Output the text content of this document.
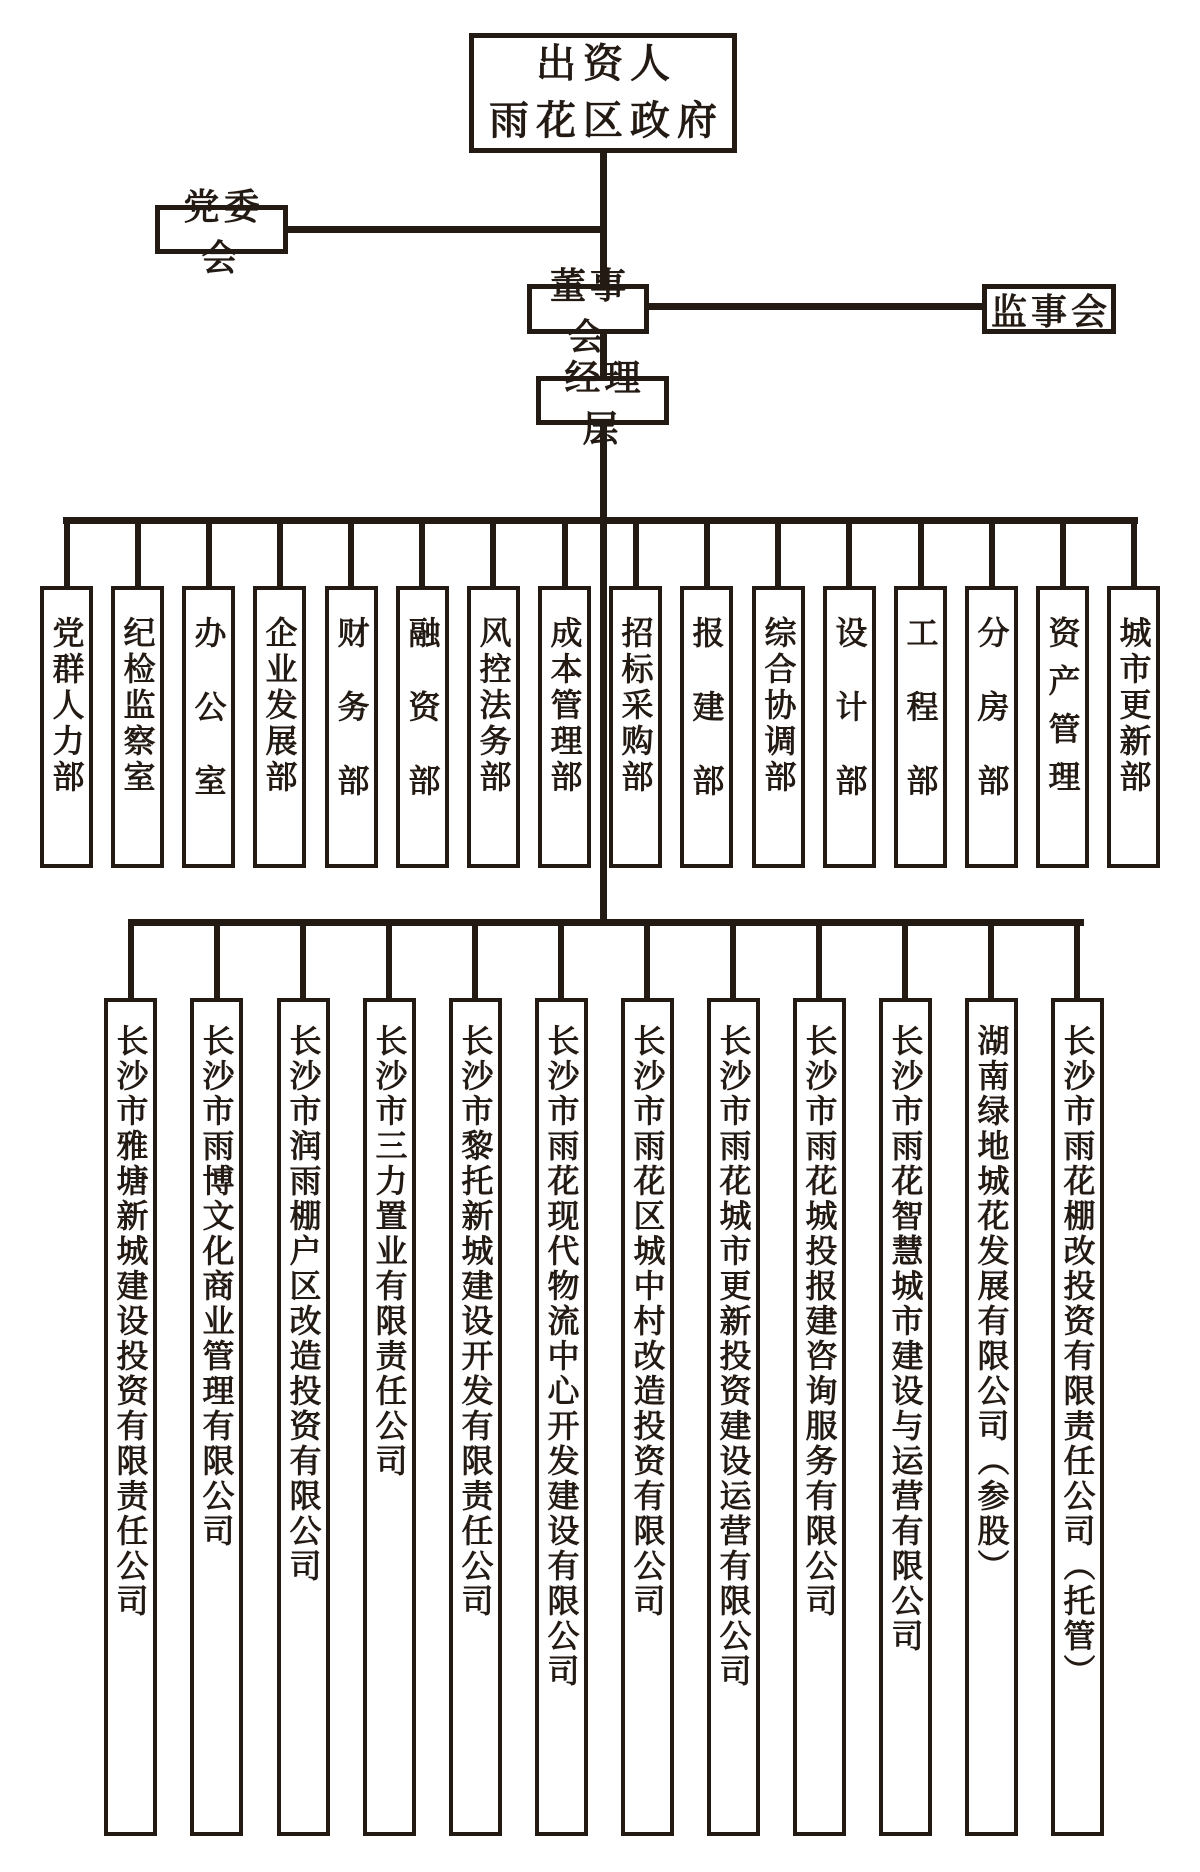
出资人
雨花区政府
党委会
董事会
监事会
经理层
党群人力部 纪检监察室 办公室 企业发展部 财务部 融资部 风控法务部 成本管理部 招标采购部 报建部 综合协调部 设计部 工程部 分房部 资产管理 城市更新部
长沙市雅塘新城建设投资有限责任公司 长沙市雨博文化商业管理有限公司 长沙市润雨棚户区改造投资有限公司 长沙市三力置业有限责任公司 长沙市黎托新城建设开发有限责任公司 长沙市雨花现代物流中心开发建设有限公司 长沙市雨花区城中村改造投资有限公司 长沙市雨花城市更新投资建设运营有限公司 长沙市雨花城投报建咨询服务有限公司 长沙市雨花智慧城市建设与运营有限公司 湖南绿地城花发展有限公司（参股） 长沙市雨花棚改投资有限责任公司（托管）
